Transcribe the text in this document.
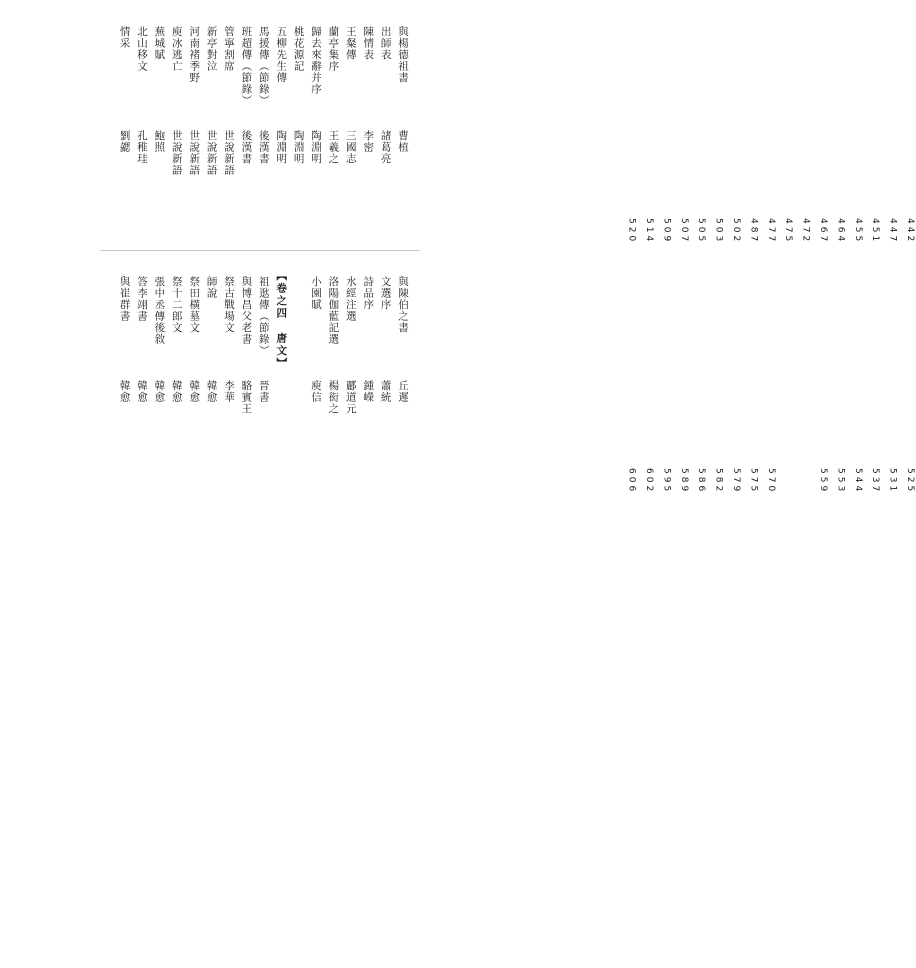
與楊德祖書
曹植
442
出師表
諸葛亮
447
陳情表
李密
451
王粲傳
三國志
455
蘭亭集序
王羲之
464
歸去來辭并序
陶淵明
467
桃花源記
陶淵明
472
五柳先生傳
陶淵明
475
馬援傳（節錄）
後漢書
477
班超傳（節錄）
後漢書
487
管寧割席
世說新語
502
新亭對泣
世說新語
503
河南褚季野
世說新語
505
庾冰逃亡
世說新語
507
蕪城賦
鮑照
509
北山移文
孔稚珪
514
情采
劉勰
520
與陳伯之書
丘遲
525
文選序
蕭統
531
詩品序
鍾嶸
537
水經注選
酈道元
544
洛陽伽藍記選
楊衒之
553
小園賦
庾信
559
【卷之四　唐文】
祖逖傳（節錄）
晉書
570
與博昌父老書
駱賓王
575
祭古戰場文
李華
579
師說
韓愈
582
祭田橫墓文
韓愈
586
祭十二郎文
韓愈
589
張中丞傳後敘
韓愈
595
答李翊書
韓愈
602
與崔群書
韓愈
606
